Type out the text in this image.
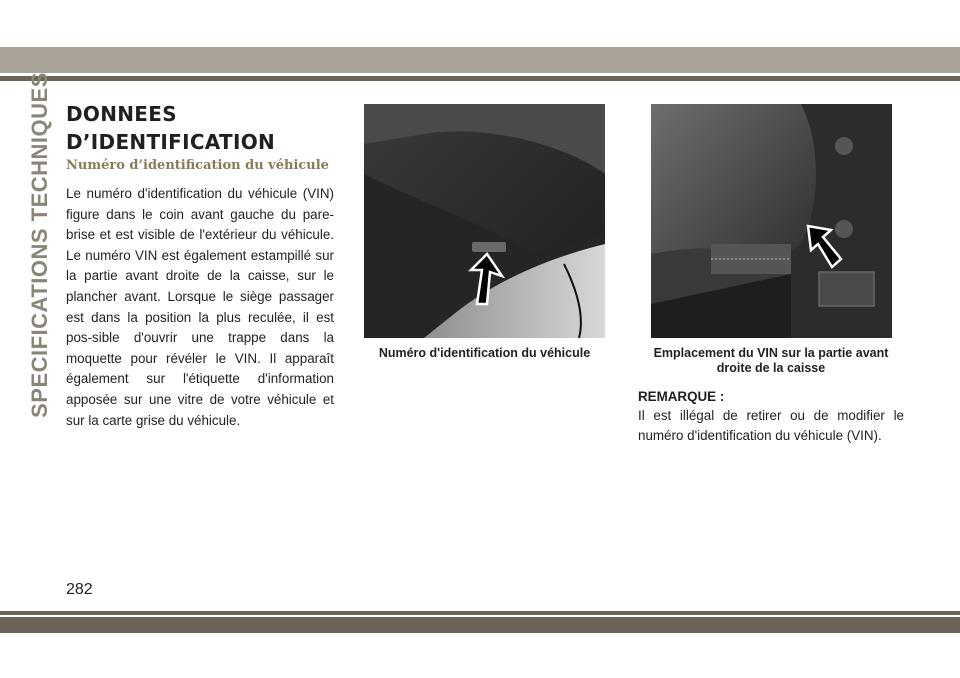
SPECIFICATIONS TECHNIQUES DONNEES
D’IDENTIFICATION
Numéro d’identification du véhicule

Le numéro d'identification du véhicule (VIN) figure dans le coin avant gauche du pare-brise et est visible de l'extérieur du véhicule. Le numéro VIN est également estampillé sur la partie avant droite de la caisse, sur le plancher avant. Lorsque le siège passager est dans la position la plus reculée, il est pos-sible d'ouvrir une trappe dans la moquette pour révéler le VIN. Il apparaît également sur l'étiquette d'information apposée sur une vitre de votre véhicule et sur la carte grise du véhicule.

Numéro d'identification du véhicule	Emplacement du VIN sur la partie avant
droite de la caisse
REMARQUE :

Il est illégal de retirer ou de modifier le numéro d'identification du véhicule (VIN).

282
